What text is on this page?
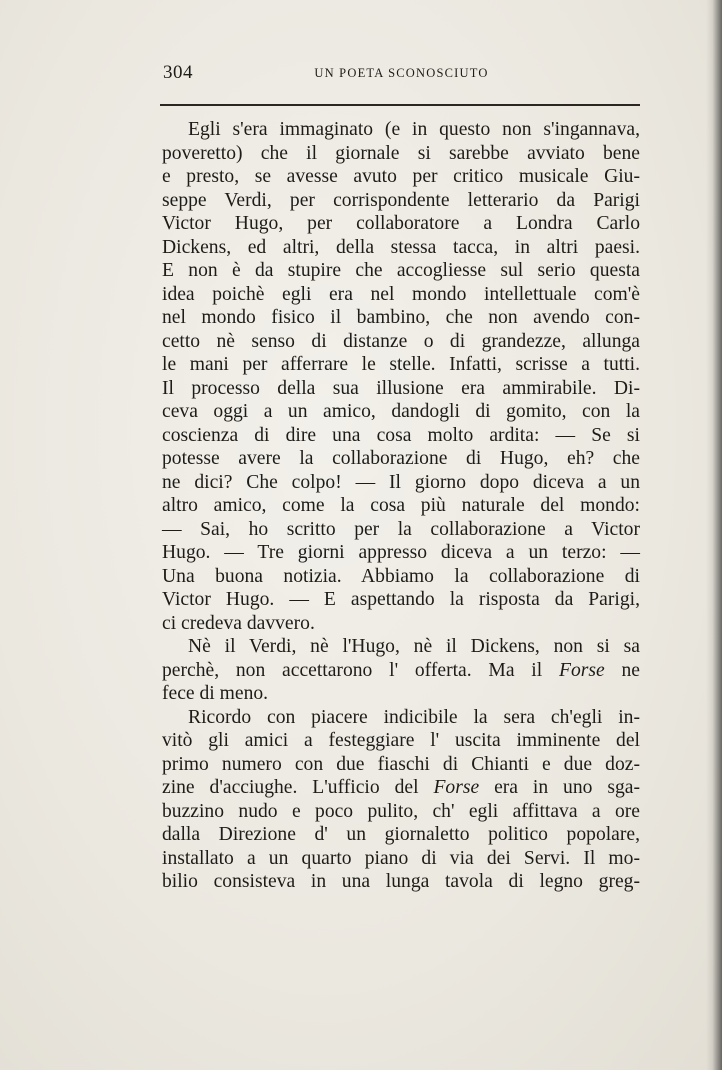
304	UN POETA SCONOSCIUTO
Egli s'era immaginato (e in questo non s'ingannava,
poveretto) che il giornale si sarebbe avviato bene
e presto, se avesse avuto per critico musicale Giu-
seppe Verdi, per corrispondente letterario da Parigi
Victor Hugo, per collaboratore a Londra Carlo
Dickens, ed altri, della stessa tacca, in altri paesi.
E non è da stupire che accogliesse sul serio questa
idea poichè egli era nel mondo intellettuale com'è
nel mondo fisico il bambino, che non avendo con-
cetto nè senso di distanze o di grandezze, allunga
le mani per afferrare le stelle. Infatti, scrisse a tutti.
Il processo della sua illusione era ammirabile. Di-
ceva oggi a un amico, dandogli di gomito, con la
coscienza di dire una cosa molto ardita: — Se si
potesse avere la collaborazione di Hugo, eh? che
ne dici? Che colpo! — Il giorno dopo diceva a un
altro amico, come la cosa più naturale del mondo:
— Sai, ho scritto per la collaborazione a Victor
Hugo. — Tre giorni appresso diceva a un terzo: —
Una buona notizia. Abbiamo la collaborazione di
Victor Hugo. — E aspettando la risposta da Parigi,
ci credeva davvero.
Nè il Verdi, nè l'Hugo, nè il Dickens, non si sa
perchè, non accettarono l' offerta. Ma il Forse ne
fece di meno.
Ricordo con piacere indicibile la sera ch'egli in-
vitò gli amici a festeggiare l' uscita imminente del
primo numero con due fiaschi di Chianti e due doz-
zine d'acciughe. L'ufficio del Forse era in uno sga-
buzzino nudo e poco pulito, ch' egli affittava a ore
dalla Direzione d' un giornaletto politico popolare,
installato a un quarto piano di via dei Servi. Il mo-
bilio consisteva in una lunga tavola di legno greg-
